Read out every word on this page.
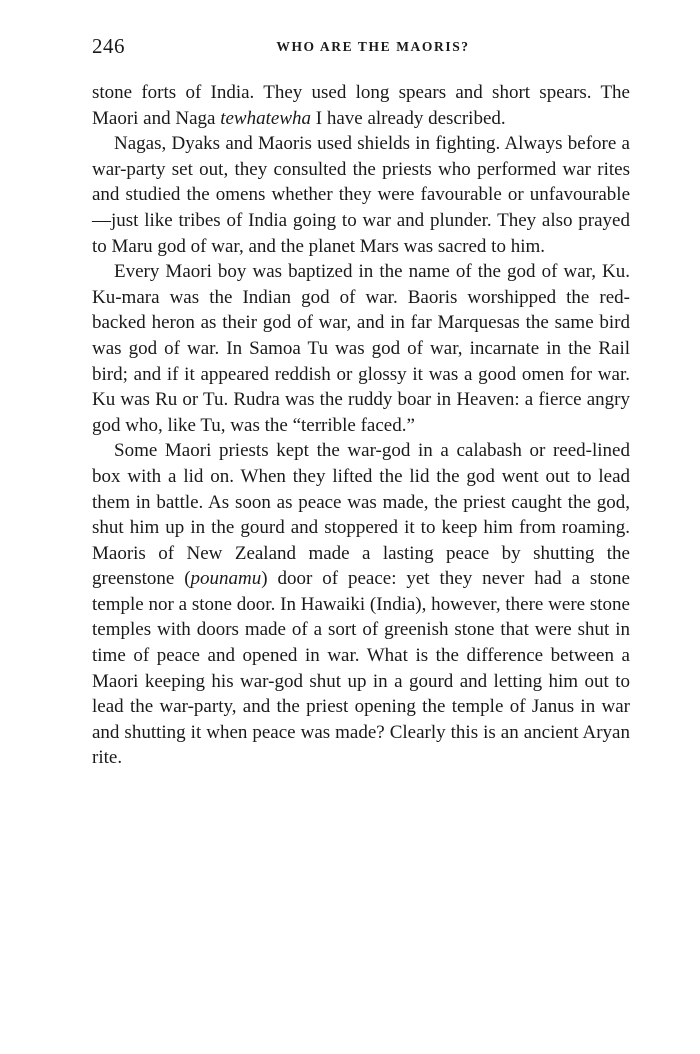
246	WHO ARE THE MAORIS?

stone forts of India. They used long spears and short spears. The Maori and Naga tewhatewha I have already described.

Nagas, Dyaks and Maoris used shields in fighting. Always before a war-party set out, they consulted the priests who performed war rites and studied the omens whether they were favourable or unfavourable—just like tribes of India going to war and plunder. They also prayed to Maru god of war, and the planet Mars was sacred to him.

Every Maori boy was baptized in the name of the god of war, Ku. Ku-mara was the Indian god of war. Baoris worshipped the red-backed heron as their god of war, and in far Marquesas the same bird was god of war. In Samoa Tu was god of war, incarnate in the Rail bird; and if it appeared reddish or glossy it was a good omen for war. Ku was Ru or Tu. Rudra was the ruddy boar in Heaven: a fierce angry god who, like Tu, was the “terrible faced.”

Some Maori priests kept the war-god in a calabash or reed-lined box with a lid on. When they lifted the lid the god went out to lead them in battle. As soon as peace was made, the priest caught the god, shut him up in the gourd and stoppered it to keep him from roaming. Maoris of New Zealand made a lasting peace by shutting the greenstone (pounamu) door of peace: yet they never had a stone temple nor a stone door. In Hawaiki (India), however, there were stone temples with doors made of a sort of greenish stone that were shut in time of peace and opened in war. What is the difference between a Maori keeping his war-god shut up in a gourd and letting him out to lead the war-party, and the priest opening the temple of Janus in war and shutting it when peace was made? Clearly this is an ancient Aryan rite.
